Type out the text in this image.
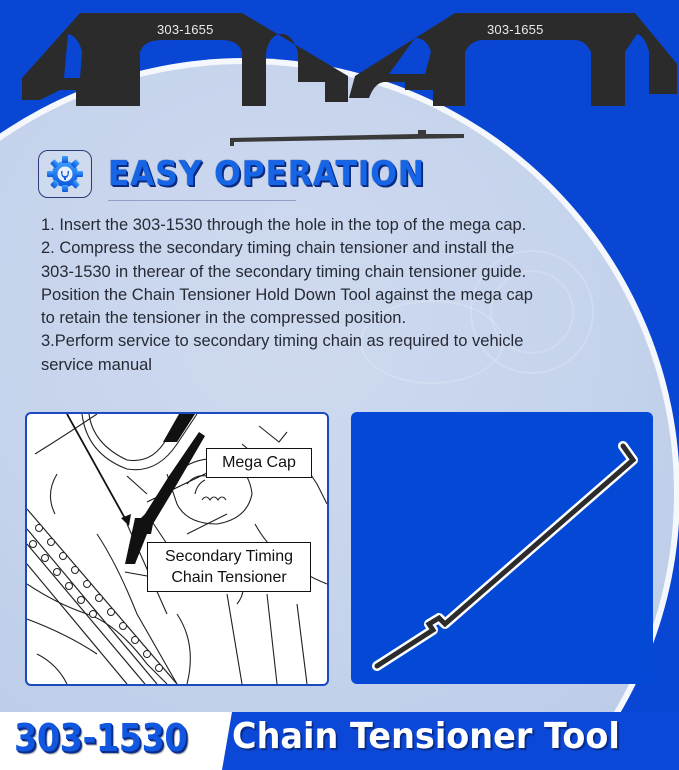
303-1655	303-1655
EASY OPERATION

1. Insert the 303-1530 through the hole in the top of the mega cap.

2. Compress the secondary timing chain tensioner and install the

303-1530 in therear of the secondary timing chain tensioner guide.

Position the Chain Tensioner Hold Down Tool against the mega cap

to retain the tensioner in the compressed position.

3.Perform service to secondary timing chain as required to vehicle

service manual

Mega Cap
Secondary Timing
Chain Tensioner
303-1530 Chain Tensioner Tool
